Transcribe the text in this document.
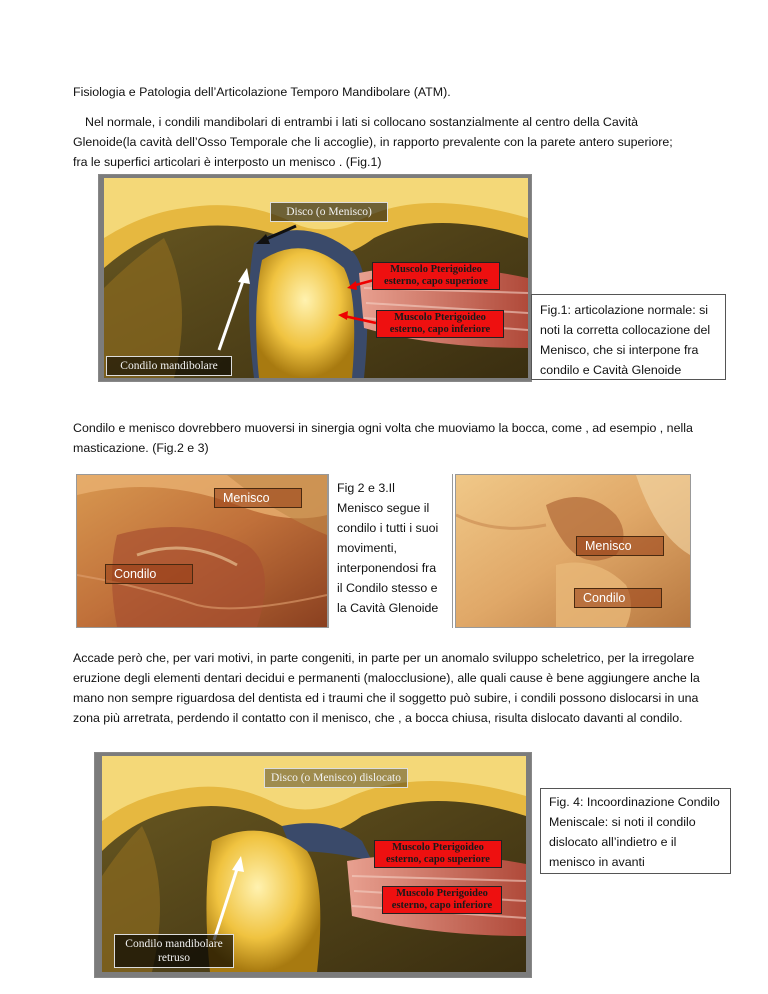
Fisiologia e Patologia dell’Articolazione Temporo Mandibolare (ATM).

Nel normale, i condili mandibolari di entrambi i lati si collocano sostanzialmente al centro della Cavità Glenoide(la cavità dell’Osso Temporale che li accoglie), in rapporto prevalente con la parete antero superiore; fra le superfici articolari è interposto un menisco . (Fig.1)

Disco (o Menisco)
Muscolo Pterigoideo esterno, capo superiore
Muscolo Pterigoideo esterno, capo inferiore
Condilo mandibolare
Fig.1: articolazione normale: si noti la corretta collocazione del Menisco, che si interpone fra condilo e Cavità Glenoide

Condilo e menisco dovrebbero muoversi in sinergia ogni volta che muoviamo la bocca, come , ad esempio , nella masticazione. (Fig.2 e 3)

Menisco
Condilo
Fig 2 e 3.Il Menisco segue il condilo i tutti i suoi movimenti, interponendosi fra il Condilo stesso e la Cavità Glenoide
Menisco
Condilo

Accade però che, per vari motivi, in parte congeniti, in parte per un anomalo sviluppo scheletrico, per la irregolare eruzione degli elementi dentari decidui e permanenti (malocclusione), alle quali cause è bene aggiungere anche la mano non sempre riguardosa del dentista ed i traumi che il soggetto può subire, i condili possono dislocarsi in una zona più arretrata, perdendo il contatto con il menisco, che , a bocca chiusa, risulta dislocato davanti al condilo.

Disco (o Menisco) dislocato
Muscolo Pterigoideo esterno, capo superiore
Muscolo Pterigoideo esterno, capo inferiore
Condilo mandibolare retruso
Fig. 4: Incoordinazione Condilo Meniscale: si noti il condilo dislocato all’indietro e il menisco in avanti
